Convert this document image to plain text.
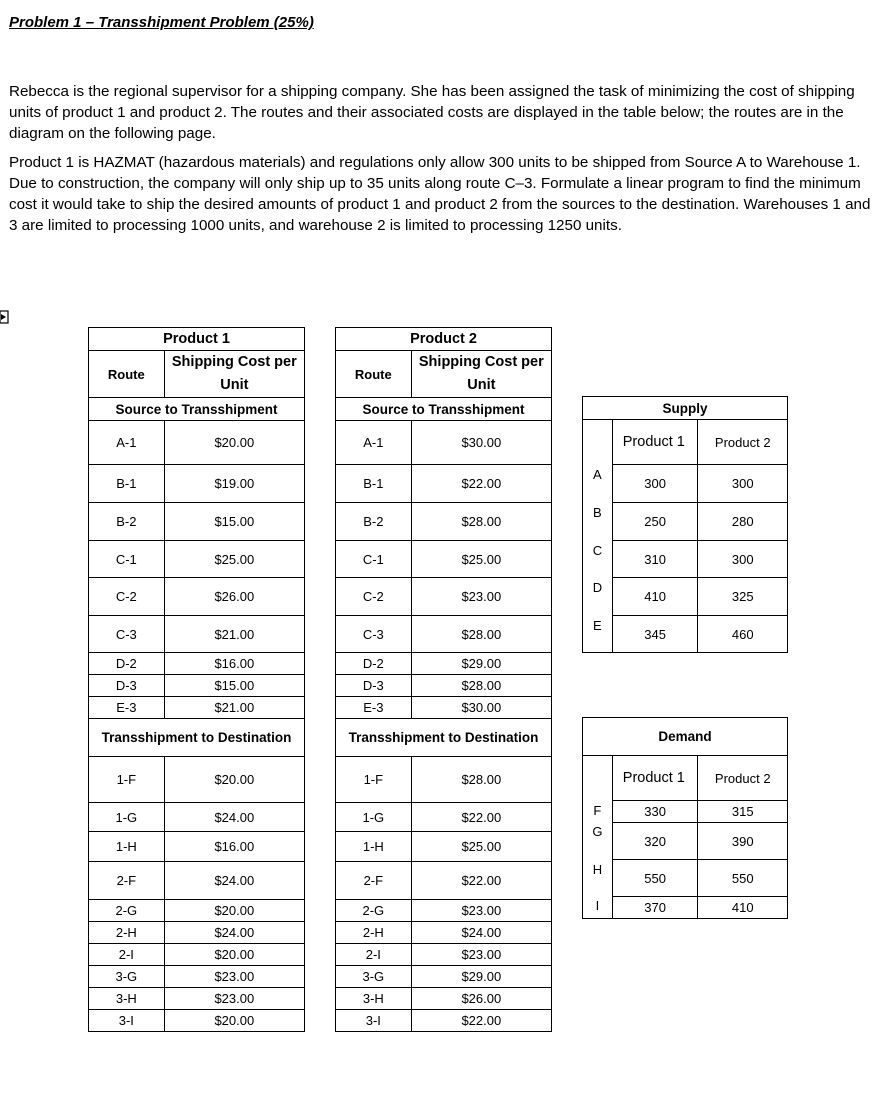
Problem 1 – Transshipment Problem (25%)

Rebecca is the regional supervisor for a shipping company. She has been assigned the task of minimizing the cost of shipping units of product 1 and product 2. The routes and their associated costs are displayed in the table below; the routes are in the diagram on the following page.

Product 1 is HAZMAT (hazardous materials) and regulations only allow 300 units to be shipped from Source A to Warehouse 1. Due to construction, the company will only ship up to 35 units along route C–3. Formulate a linear program to find the minimum cost it would take to ship the desired amounts of product 1 and product 2 from the sources to the destination. Warehouses 1 and 3 are limited to processing 1000 units, and warehouse 2 is limited to processing 1250 units.

Product 1	
Route	Shipping Cost per Unit
Source to Transshipment	
A-1	$20.00
B-1	$19.00
B-2	$15.00
C-1	$25.00
C-2	$26.00
C-3	$21.00
D-2	$16.00
D-3	$15.00
E-3	$21.00
Transshipment to Destination	
1-F	$20.00
1-G	$24.00
1-H	$16.00
2-F	$24.00
2-G	$20.00
2-H	$24.00
2-I	$20.00
3-G	$23.00
3-H	$23.00
3-I	$20.00
Product 2	
Route	Shipping Cost per Unit
Source to Transshipment	
A-1	$30.00
B-1	$22.00
B-2	$28.00
C-1	$25.00
C-2	$23.00
C-3	$28.00
D-2	$29.00
D-3	$28.00
E-3	$30.00
Transshipment to Destination	
1-F	$28.00
1-G	$22.00
1-H	$25.00
2-F	$22.00
2-G	$23.00
2-H	$24.00
2-I	$23.00
3-G	$29.00
3-H	$26.00
3-I	$22.00
Supply		
	Product 1	Product 2
A	300	300
B	250	280
C	310	300
D	410	325
E	345	460
Demand		
	Product 1	Product 2
F	330	315
G	320	390
H	550	550
I	370	410
